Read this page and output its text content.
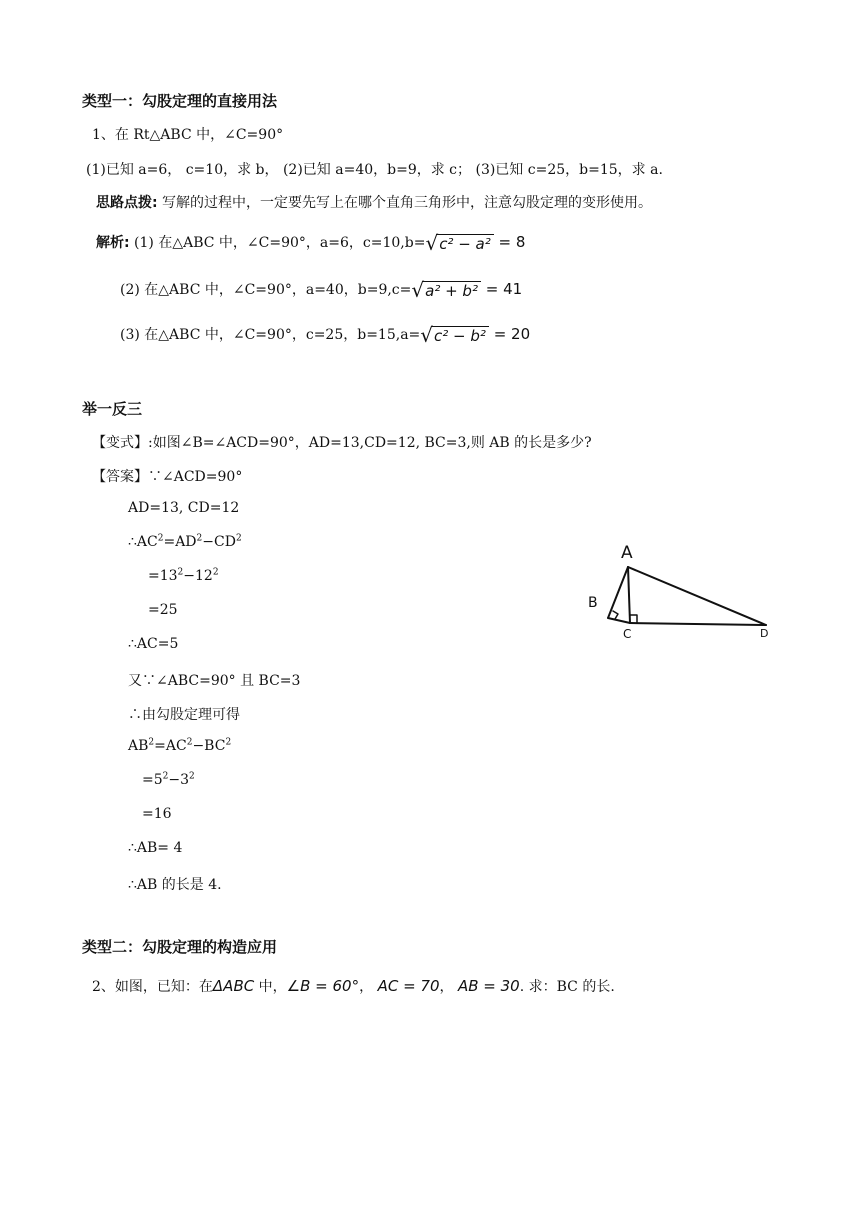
类型一：勾股定理的直接用法
1、在 Rt△ABC 中，∠C=90°
(1)已知 a=6， c=10，求 b， (2)已知 a=40，b=9，求 c； (3)已知 c=25，b=15，求 a.
思路点拨: 写解的过程中，一定要先写上在哪个直角三角形中，注意勾股定理的变形使用。
解析: (1) 在△ABC 中，∠C=90°，a=6，c=10,b=√c² − a² = 8
(2) 在△ABC 中，∠C=90°，a=40，b=9,c=√a² + b² = 41
(3) 在△ABC 中，∠C=90°，c=25，b=15,a=√c² − b² = 20
举一反三
【变式】:如图∠B=∠ACD=90°，AD=13,CD=12, BC=3,则 AB 的长是多少?
【答案】∵∠ACD=90°
AD=13, CD=12
$\therefore AC^2=AD^2-CD^2$
$=13^2-12^2$
=25
∴AC=5
又∵∠ABC=90° 且 BC=3
∴由勾股定理可得
$AB^2=AC^2-BC^2$
$=5^2-3^2$
=16
∴AB= 4
∴AB 的长是 4.
A
B
C	D
类型二：勾股定理的构造应用
2、如图，已知：在ΔABC 中，∠B = 60°， AC = 70， AB = 30. 求：BC 的长.
